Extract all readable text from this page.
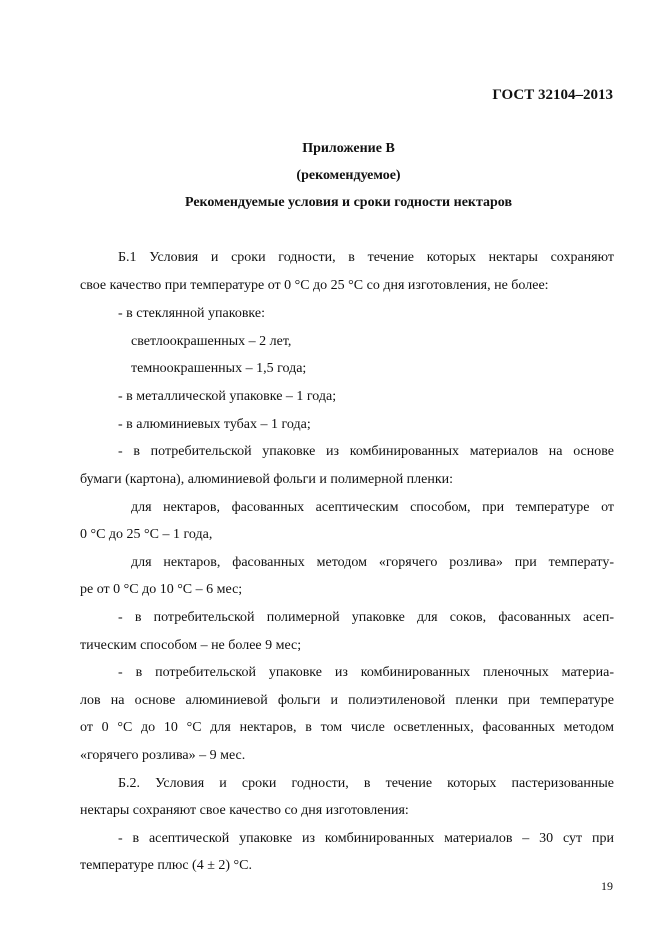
ГОСТ 32104–2013
Приложение В
(рекомендуемое)
Рекомендуемые условия и сроки годности нектаров
Б.1 Условия и сроки годности, в течение которых нектары сохраняют
свое качество при температуре от 0 °С до 25 °С со дня изготовления, не более:
- в стеклянной упаковке:
светлоокрашенных – 2 лет,
темноокрашенных – 1,5 года;
- в металлической упаковке – 1 года;
- в алюминиевых тубах – 1 года;
- в потребительской упаковке из комбинированных материалов на основе
бумаги (картона), алюминиевой фольги и полимерной пленки:
для нектаров, фасованных асептическим способом, при температуре от
0 °С до 25 °С – 1 года,
для нектаров, фасованных методом «горячего розлива» при температу-
ре от 0 °С до 10 °С – 6 мес;
- в потребительской полимерной упаковке для соков, фасованных асеп-
тическим способом – не более 9 мес;
- в потребительской упаковке из комбинированных пленочных материа-
лов на основе алюминиевой фольги и полиэтиленовой пленки при температуре
от 0 °С до 10 °С для нектаров, в том числе осветленных, фасованных методом
«горячего розлива» – 9 мес.
Б.2. Условия и сроки годности, в течение которых пастеризованные
нектары сохраняют свое качество со дня изготовления:
- в асептической упаковке из комбинированных материалов – 30 сут при
температуре плюс (4 ± 2) °С.
19
